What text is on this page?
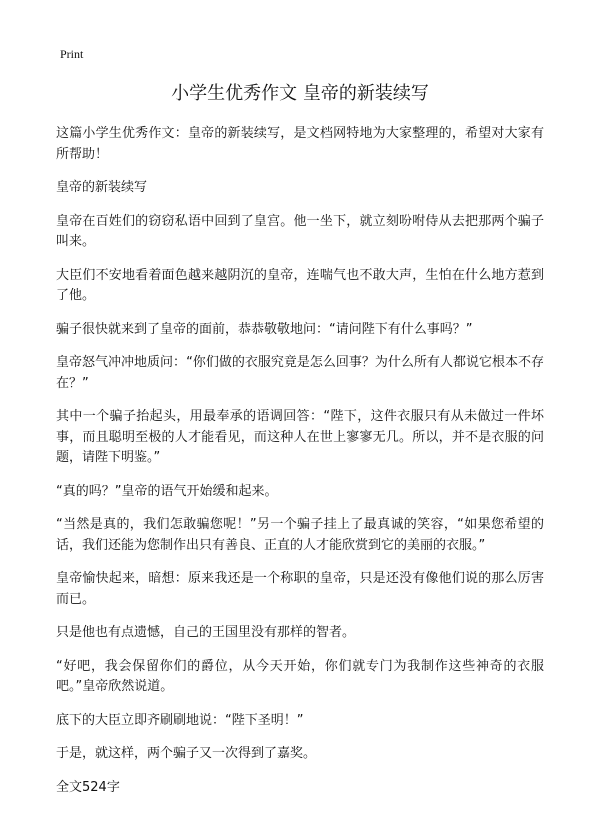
Print
小学生优秀作文 皇帝的新装续写

这篇小学生优秀作文：皇帝的新装续写，是文档网特地为大家整理的，希望对大家有所帮助！

皇帝的新装续写

皇帝在百姓们的窃窃私语中回到了皇宫。他一坐下，就立刻吩咐侍从去把那两个骗子叫来。

大臣们不安地看着面色越来越阴沉的皇帝，连喘气也不敢大声，生怕在什么地方惹到了他。

骗子很快就来到了皇帝的面前，恭恭敬敬地问：“请问陛下有什么事吗？”

皇帝怒气冲冲地质问：“你们做的衣服究竟是怎么回事？为什么所有人都说它根本不存在？”

其中一个骗子抬起头，用最奉承的语调回答：“陛下，这件衣服只有从未做过一件坏事，而且聪明至极的人才能看见，而这种人在世上寥寥无几。所以，并不是衣服的问题，请陛下明鉴。”

“真的吗？”皇帝的语气开始缓和起来。

“当然是真的，我们怎敢骗您呢！”另一个骗子挂上了最真诚的笑容，“如果您希望的话，我们还能为您制作出只有善良、正直的人才能欣赏到它的美丽的衣服。”

皇帝愉快起来，暗想：原来我还是一个称职的皇帝，只是还没有像他们说的那么厉害而已。

只是他也有点遗憾，自己的王国里没有那样的智者。

“好吧，我会保留你们的爵位，从今天开始，你们就专门为我制作这些神奇的衣服吧。”皇帝欣然说道。

底下的大臣立即齐刷刷地说：“陛下圣明！”

于是，就这样，两个骗子又一次得到了嘉奖。

全文524字
